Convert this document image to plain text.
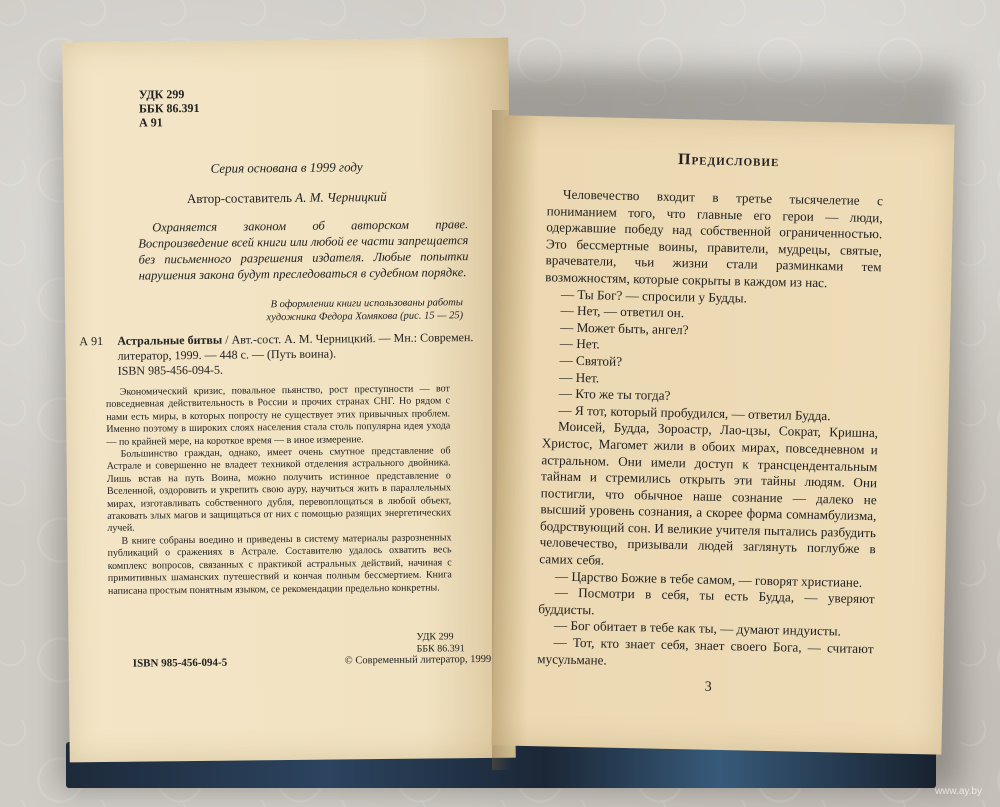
УДК 299
ББК 86.391
А 91
Серия основана в 1999 году
Автор-составитель А. М. Черницкий
Охраняется законом об авторском праве. Воспроизведение всей книги или любой ее части запрещается без письменного разрешения издателя. Любые попытки нарушения закона будут преследоваться в судебном порядке.
В оформлении книги использованы работы
художника Федора Хомякова (рис. 15 — 25)
А 91 Астральные битвы / Авт.-сост. А. М. Черницкий. — Мн.: Современ. литератор, 1999. — 448 с. — (Путь воина).
ISBN 985-456-094-5.

Экономический кризис, повальное пьянство, рост преступности — вот повседневная действительность в России и прочих странах СНГ. Но рядом с нами есть миры, в которых попросту не существует этих привычных проблем. Именно поэтому в широких слоях населения стала столь популярна идея ухода — по крайней мере, на короткое время — в иное измерение.

Большинство граждан, однако, имеет очень смутное представление об Астрале и совершенно не владеет техникой отделения астрального двойника. Лишь встав на путь Воина, можно получить истинное представление о Вселенной, оздоровить и укрепить свою ауру, научиться жить в параллельных мирах, изготавливать собственного дубля, перевоплощаться в любой объект, атаковать злых магов и защищаться от них с помощью разящих энергетических лучей.

В книге собраны воедино и приведены в систему материалы разрозненных публикаций о сражениях в Астрале. Составителю удалось охватить весь комплекс вопросов, связанных с практикой астральных действий, начиная с примитивных шаманских путешествий и кончая полным бессмертием. Книга написана простым понятным языком, се рекомендации предельно конкретны.

УДК 299
ББК 86.391
ISBN 985-456-094-5	© Современный литератор, 1999
Предисловие

Человечество входит в третье тысячелетие с пониманием того, что главные его герои — люди, одержавшие победу над собственной ограниченностью. Это бессмертные воины, правители, мудрецы, святые, врачеватели, чьи жизни стали разминками тем возможностям, которые сокрыты в каждом из нас.

— Ты Бог? — спросили у Будды.

— Нет, — ответил он.

— Может быть, ангел?

— Нет.

— Святой?

— Нет.

— Кто же ты тогда?

— Я тот, который пробудился, — ответил Будда.

Моисей, Будда, Зороастр, Лао-цзы, Сократ, Кришна, Христос, Магомет жили в обоих мирах, повседневном и астральном. Они имели доступ к трансцендентальным тайнам и стремились открыть эти тайны людям. Они постигли, что обычное наше сознание — далеко не высший уровень сознания, а скорее форма сомнамбулизма, бодрствующий сон. И великие учителя пытались разбудить человечество, призывали людей заглянуть поглубже в самих себя.

— Царство Божие в тебе самом, — говорят христиане.

— Посмотри в себя, ты есть Будда, — уверяют буддисты.

— Бог обитает в тебе как ты, — думают индуисты.

— Тот, кто знает себя, знает своего Бога, — считают мусульмане.

3
www.ay.by
